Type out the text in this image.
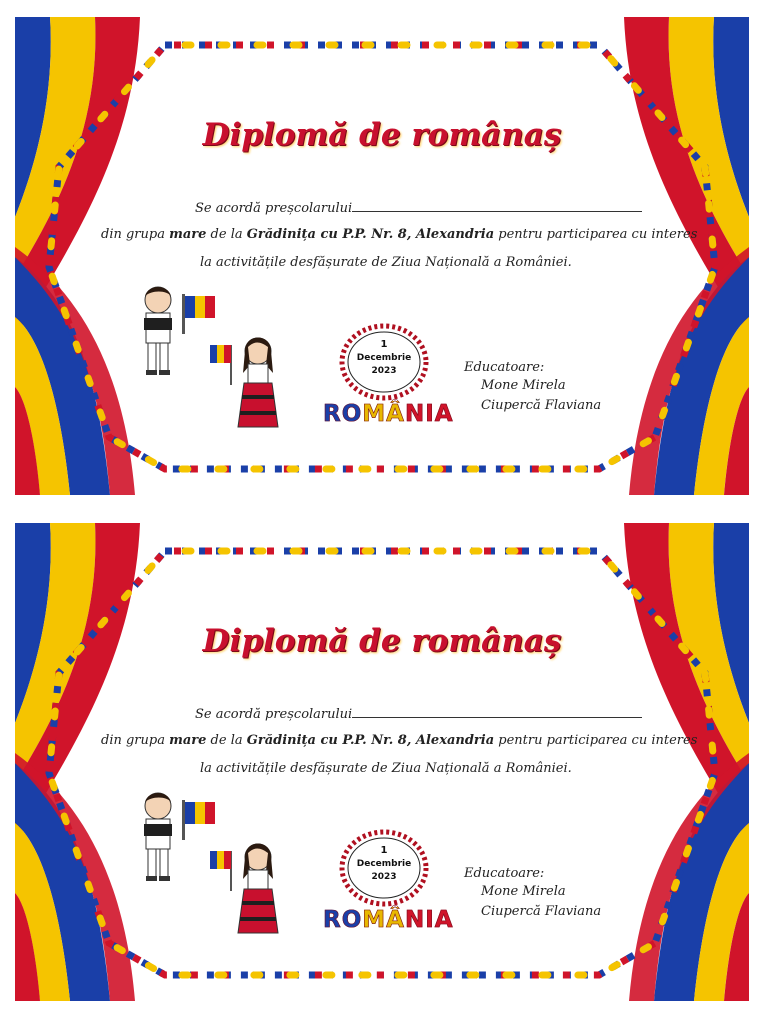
Diplomă de românaș
Se acordă preșcolarului
din grupa mare de la Grădinița cu P.P. Nr. 8, Alexandria pentru participarea cu interes
la activitățile desfășurate de Ziua Națională a României.
1
Decembrie
2023
ROMÂNIA
Educatoare:
Mone Mirela
Ciupercă Flaviana
Diplomă de românaș
Se acordă preșcolarului
din grupa mare de la Grădinița cu P.P. Nr. 8, Alexandria pentru participarea cu interes
la activitățile desfășurate de Ziua Națională a României.
1
Decembrie
2023
ROMÂNIA
Educatoare:
Mone Mirela
Ciupercă Flaviana
